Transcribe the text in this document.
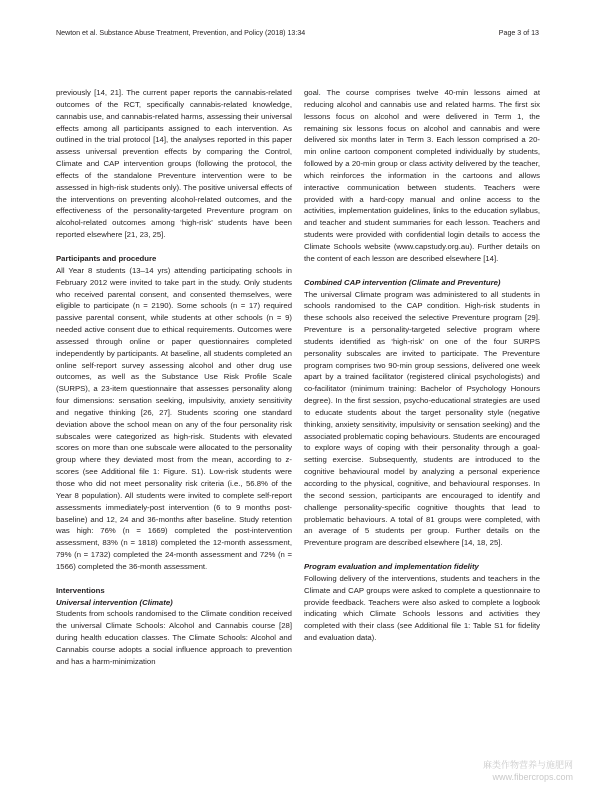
Newton et al. Substance Abuse Treatment, Prevention, and Policy (2018) 13:34	Page 3 of 13

previously [14, 21]. The current paper reports the cannabis-related outcomes of the RCT, specifically cannabis-related knowledge, cannabis use, and cannabis-related harms, assessing their universal effects among all participants assigned to each intervention. As outlined in the trial protocol [14], the analyses reported in this paper assess universal prevention effects by comparing the Control, Climate and CAP intervention groups (following the protocol, the effects of the standalone Preventure intervention were to be assessed in high-risk students only). The positive universal effects of the interventions on preventing alcohol-related outcomes, and the effectiveness of the personality-targeted Preventure program on alcohol-related outcomes among ‘high-risk’ students have been reported elsewhere [21, 23, 25].

Participants and procedure

All Year 8 students (13–14 yrs) attending participating schools in February 2012 were invited to take part in the study. Only students who received parental consent, and consented themselves, were eligible to participate (n = 2190). Some schools (n = 17) required passive parental consent, while students at other schools (n = 9) needed active consent due to ethical requirements. Outcomes were assessed through online or paper questionnaires completed independently by participants. At baseline, all students completed an online self-report survey assessing alcohol and other drug use outcomes, as well as the Substance Use Risk Profile Scale (SURPS), a 23-item questionnaire that assesses personality along four dimensions: sensation seeking, impulsivity, anxiety sensitivity and negative thinking [26, 27]. Students scoring one standard deviation above the school mean on any of the four personality risk subscales were categorized as high-risk. Students with elevated scores on more than one subscale were allocated to the personality group where they deviated most from the mean, according to z-scores (see Additional file 1: Figure. S1). Low-risk students were those who did not meet personality risk criteria (i.e., 56.8% of the Year 8 population). All students were invited to complete self-report assessments immediately-post intervention (6 to 9 months post-baseline) and 12, 24 and 36-months after baseline. Study retention was high: 76% (n = 1669) completed the post-intervention assessment, 83% (n = 1818) completed the 12-month assessment, 79% (n = 1732) completed the 24-month assessment and 72% (n = 1566) completed the 36-month assessment.

Interventions

Universal intervention (Climate)

Students from schools randomised to the Climate condition received the universal Climate Schools: Alcohol and Cannabis course [28] during health education classes. The Climate Schools: Alcohol and Cannabis course adopts a social influence approach to prevention and has a harm-minimization

goal. The course comprises twelve 40-min lessons aimed at reducing alcohol and cannabis use and related harms. The first six lessons focus on alcohol and were delivered in Term 1, the remaining six lessons focus on alcohol and cannabis and were delivered six months later in Term 3. Each lesson comprised a 20-min online cartoon component completed individually by students, followed by a 20-min group or class activity delivered by the teacher, which reinforces the information in the cartoons and allows interactive communication between students. Teachers were provided with a hard-copy manual and online access to the activities, implementation guidelines, links to the education syllabus, and teacher and student summaries for each lesson. Teachers and students were provided with confidential login details to access the Climate Schools website (www.capstudy.org.au). Further details on the content of each lesson are described elsewhere [14].

Combined CAP intervention (Climate and Preventure)

The universal Climate program was administered to all students in schools randomised to the CAP condition. High-risk students in these schools also received the selective Preventure program [29]. Preventure is a personality-targeted selective program where students identified as ‘high-risk’ on one of the four SURPS personality subscales are invited to participate. The Preventure program comprises two 90-min group sessions, delivered one week apart by a trained facilitator (registered clinical psychologists) and co-facilitator (minimum training: Bachelor of Psychology Honours degree). In the first session, psycho-educational strategies are used to educate students about the target personality style (negative thinking, anxiety sensitivity, impulsivity or sensation seeking) and the associated problematic coping behaviours. Students are encouraged to explore ways of coping with their personality through a goal-setting exercise. Subsequently, students are introduced to the cognitive behavioural model by analyzing a personal experience according to the physical, cognitive, and behavioural responses. In the second session, participants are encouraged to identify and challenge personality-specific cognitive thoughts that lead to problematic behaviours. A total of 81 groups were completed, with an average of 5 students per group. Further details on the Preventure program are described elsewhere [14, 18, 25].

Program evaluation and implementation fidelity

Following delivery of the interventions, students and teachers in the Climate and CAP groups were asked to complete a questionnaire to provide feedback. Teachers were also asked to complete a logbook indicating which Climate Schools lessons and activities they completed with their class (see Additional file 1: Table S1 for fidelity and evaluation data).

麻类作物营养与施肥网
www.fibercrops.com
